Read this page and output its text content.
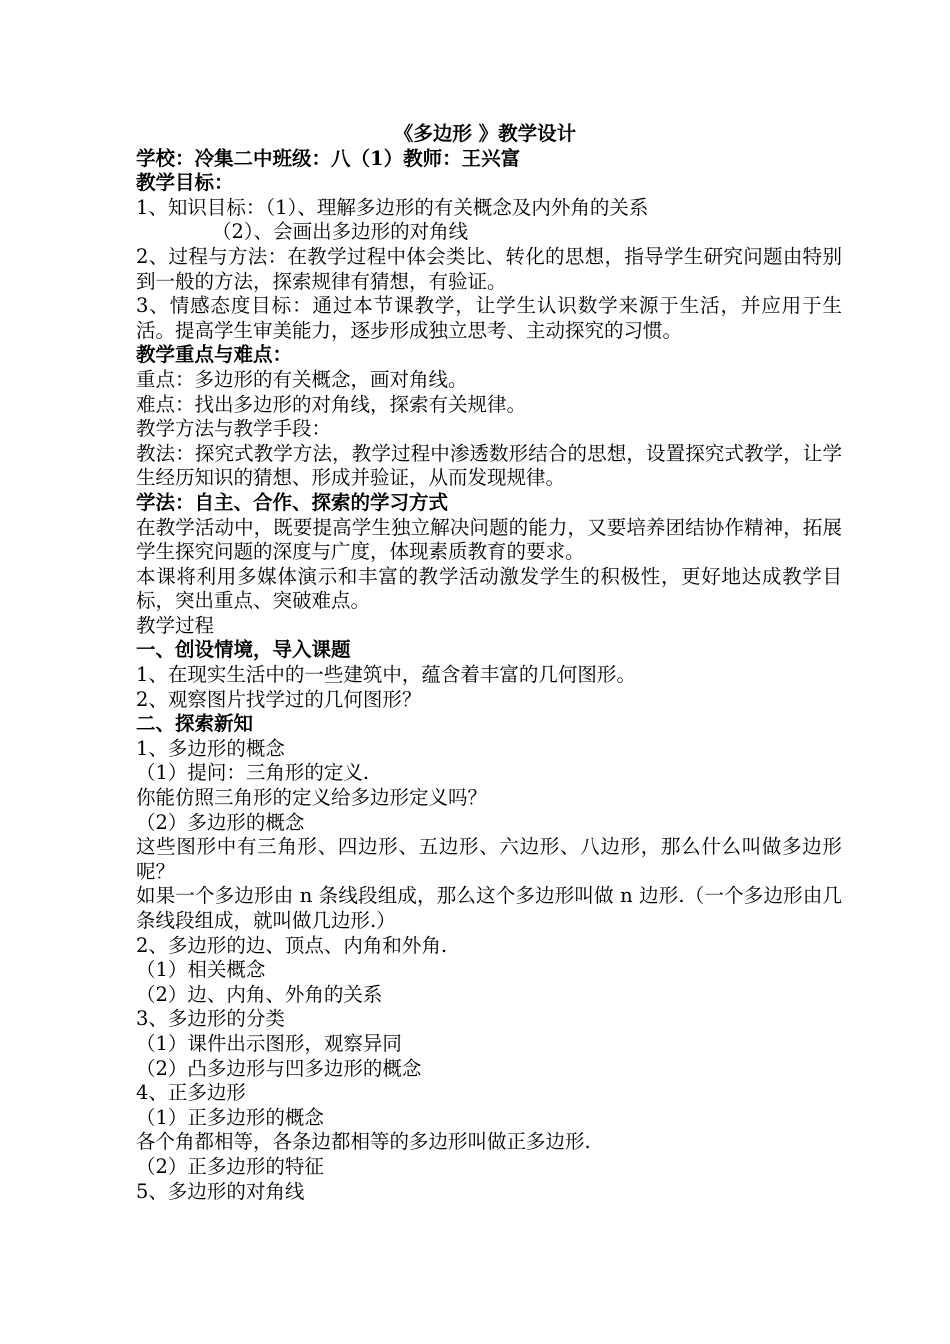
《多边形 》教学设计
学校：冷集二中班级：八（1）教师：王兴富
教学目标：
1、知识目标：（1）、理解多边形的有关概念及内外角的关系
（2）、会画出多边形的对角线
2、过程与方法：在教学过程中体会类比、转化的思想，指导学生研究问题由特别到一般的方法，探索规律有猜想，有验证。
3、情感态度目标：通过本节课教学，让学生认识数学来源于生活，并应用于生活。提高学生审美能力，逐步形成独立思考、主动探究的习惯。
教学重点与难点：
重点：多边形的有关概念，画对角线。
难点：找出多边形的对角线，探索有关规律。
教学方法与教学手段：
教法：探究式教学方法，教学过程中渗透数形结合的思想，设置探究式教学，让学生经历知识的猜想、形成并验证，从而发现规律。
学法：自主、合作、探索的学习方式
在教学活动中，既要提高学生独立解决问题的能力，又要培养团结协作精神，拓展学生探究问题的深度与广度，体现素质教育的要求。
本课将利用多媒体演示和丰富的教学活动激发学生的积极性，更好地达成教学目标，突出重点、突破难点。
教学过程
一、创设情境，导入课题
1、在现实生活中的一些建筑中，蕴含着丰富的几何图形。
2、观察图片找学过的几何图形？
二、探索新知
1、多边形的概念
（1）提问：三角形的定义.
你能仿照三角形的定义给多边形定义吗？
（2）多边形的概念
这些图形中有三角形、四边形、五边形、六边形、八边形，那么什么叫做多边形呢？
如果一个多边形由 n 条线段组成，那么这个多边形叫做 n 边形.（一个多边形由几条线段组成，就叫做几边形.）
2、多边形的边、顶点、内角和外角.
（1）相关概念
（2）边、内角、外角的关系
3、多边形的分类
（1）课件出示图形，观察异同
（2）凸多边形与凹多边形的概念
4、正多边形
（1）正多边形的概念
各个角都相等，各条边都相等的多边形叫做正多边形.
（2）正多边形的特征
5、多边形的对角线
